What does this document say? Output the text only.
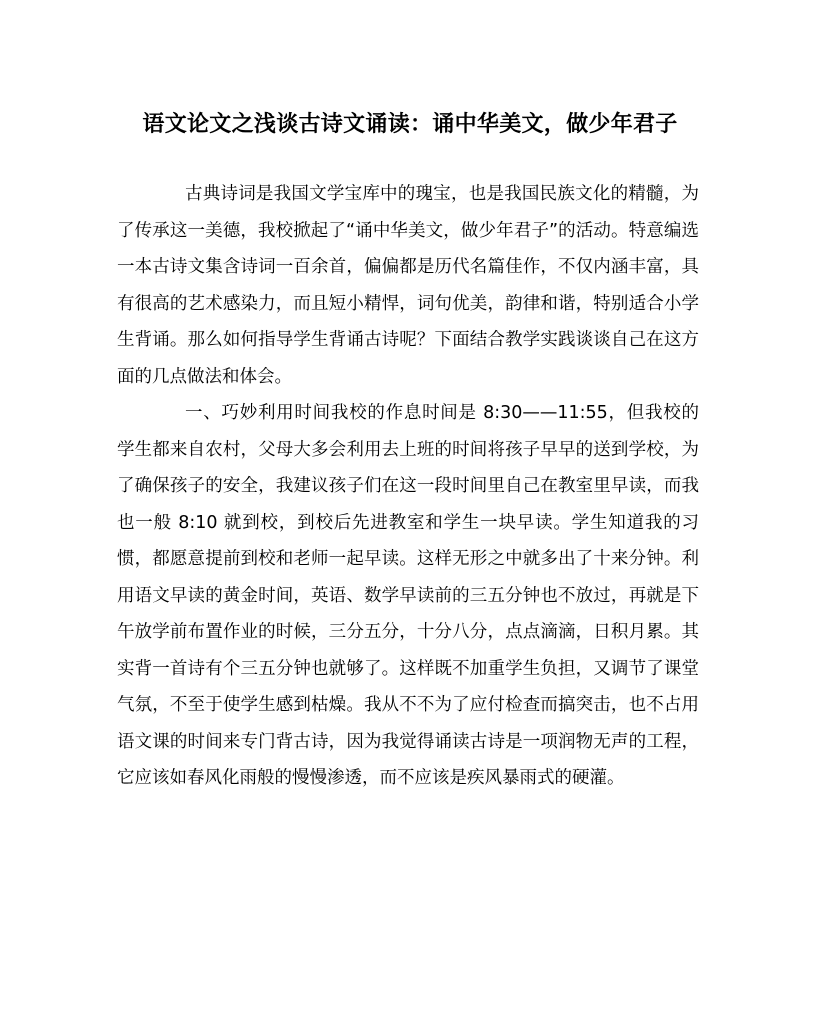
语文论文之浅谈古诗文诵读：诵中华美文，做少年君子

古典诗词是我国文学宝库中的瑰宝，也是我国民族文化的精髓，为了传承这一美德，我校掀起了“诵中华美文，做少年君子”的活动。特意编选一本古诗文集含诗词一百余首，偏偏都是历代名篇佳作，不仅内涵丰富，具有很高的艺术感染力，而且短小精悍，词句优美，韵律和谐，特别适合小学生背诵。那么如何指导学生背诵古诗呢？下面结合教学实践谈谈自己在这方面的几点做法和体会。

一、巧妙利用时间我校的作息时间是 8:30——11:55，但我校的学生都来自农村，父母大多会利用去上班的时间将孩子早早的送到学校，为了确保孩子的安全，我建议孩子们在这一段时间里自己在教室里早读，而我也一般 8:10 就到校，到校后先进教室和学生一块早读。学生知道我的习惯，都愿意提前到校和老师一起早读。这样无形之中就多出了十来分钟。利用语文早读的黄金时间，英语、数学早读前的三五分钟也不放过，再就是下午放学前布置作业的时候，三分五分，十分八分，点点滴滴，日积月累。其实背一首诗有个三五分钟也就够了。这样既不加重学生负担，又调节了课堂气氛，不至于使学生感到枯燥。我从不不为了应付检查而搞突击，也不占用语文课的时间来专门背古诗，因为我觉得诵读古诗是一项润物无声的工程，它应该如春风化雨般的慢慢渗透，而不应该是疾风暴雨式的硬灌。
